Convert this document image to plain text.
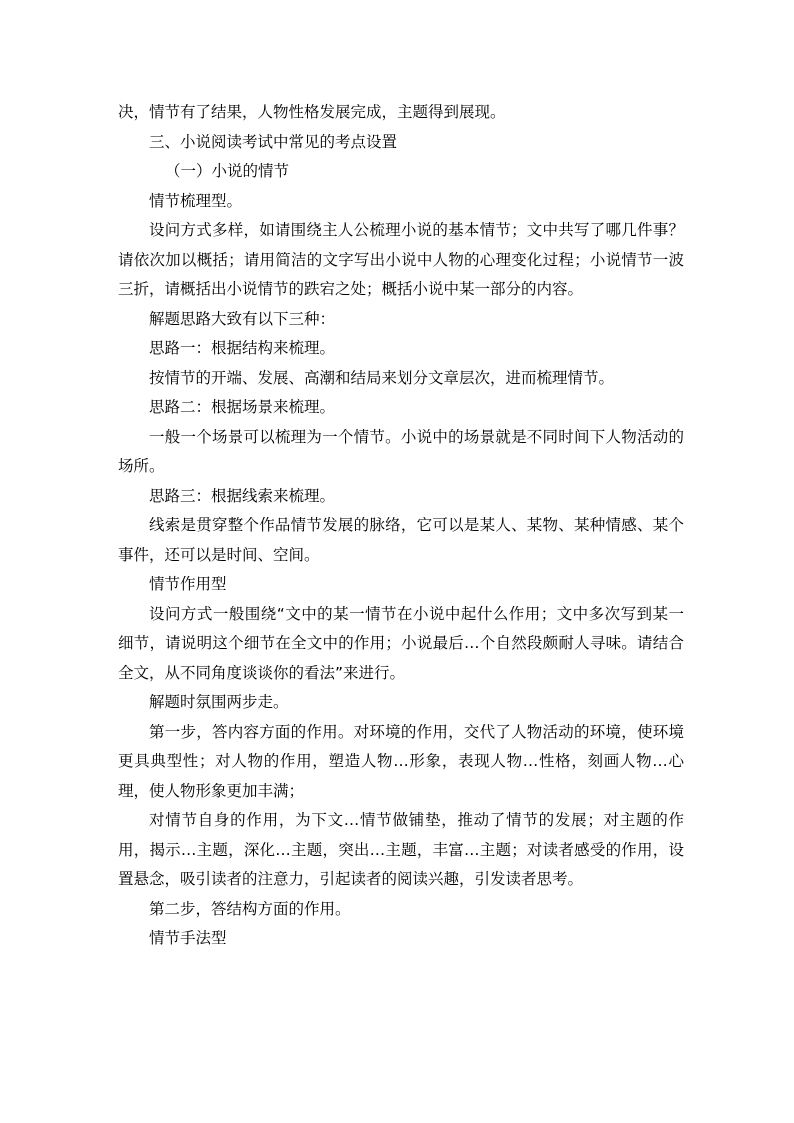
决，情节有了结果，人物性格发展完成，主题得到展现。

三、小说阅读考试中常见的考点设置

（一）小说的情节

情节梳理型。

设问方式多样，如请围绕主人公梳理小说的基本情节；文中共写了哪几件事？请依次加以概括；请用简洁的文字写出小说中人物的心理变化过程；小说情节一波三折，请概括出小说情节的跌宕之处；概括小说中某一部分的内容。

解题思路大致有以下三种：

思路一：根据结构来梳理。

按情节的开端、发展、高潮和结局来划分文章层次，进而梳理情节。

思路二：根据场景来梳理。

一般一个场景可以梳理为一个情节。小说中的场景就是不同时间下人物活动的场所。

思路三：根据线索来梳理。

线索是贯穿整个作品情节发展的脉络，它可以是某人、某物、某种情感、某个事件，还可以是时间、空间。

情节作用型

设问方式一般围绕“文中的某一情节在小说中起什么作用；文中多次写到某一细节，请说明这个细节在全文中的作用；小说最后…个自然段颇耐人寻味。请结合全文，从不同角度谈谈你的看法”来进行。

解题时氛围两步走。

第一步，答内容方面的作用。对环境的作用，交代了人物活动的环境，使环境更具典型性；对人物的作用，塑造人物…形象，表现人物…性格，刻画人物…心理，使人物形象更加丰满；

对情节自身的作用，为下文…情节做铺垫，推动了情节的发展；对主题的作用，揭示…主题，深化…主题，突出…主题，丰富…主题；对读者感受的作用，设置悬念，吸引读者的注意力，引起读者的阅读兴趣，引发读者思考。

第二步，答结构方面的作用。

情节手法型
